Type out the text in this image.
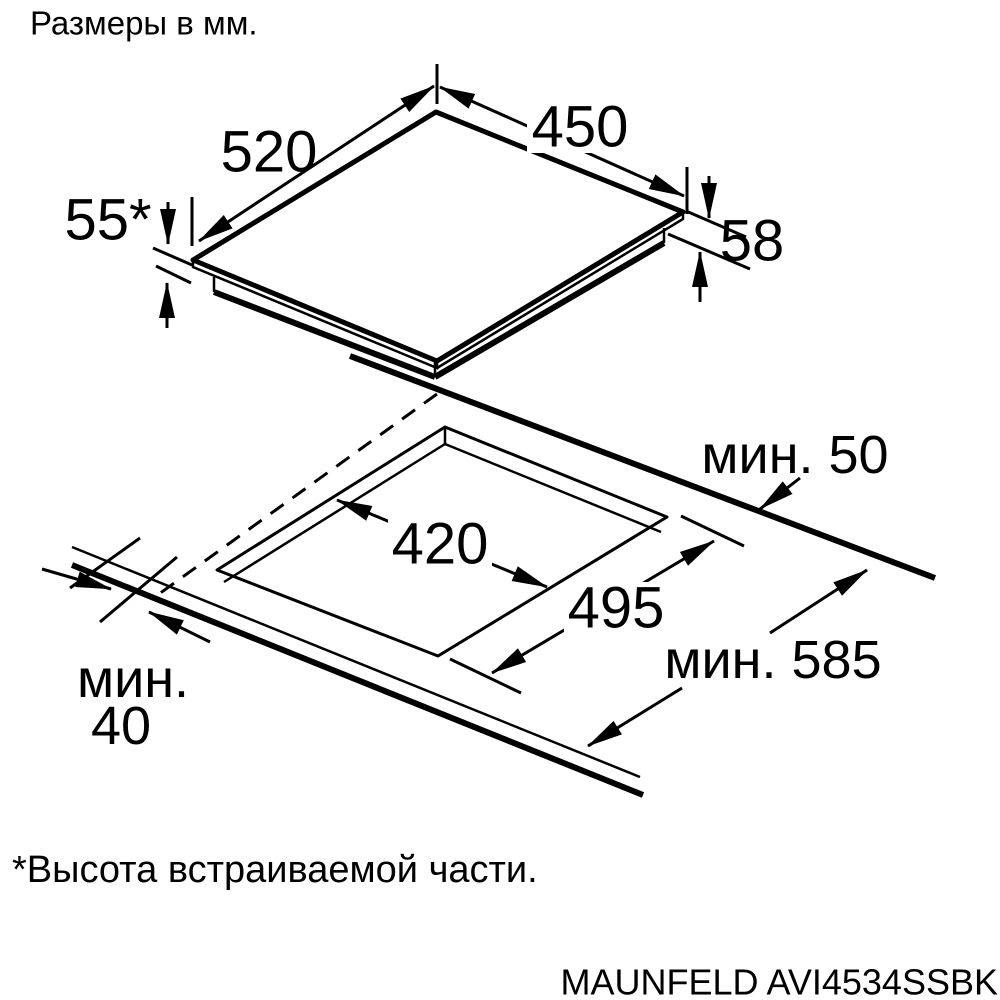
520	450
55*	58
420
495
мин. 50
мин. 585
мин.
40
Размеры в мм.
*Высота встраиваемой части.
MAUNFELD AVI4534SSBK
